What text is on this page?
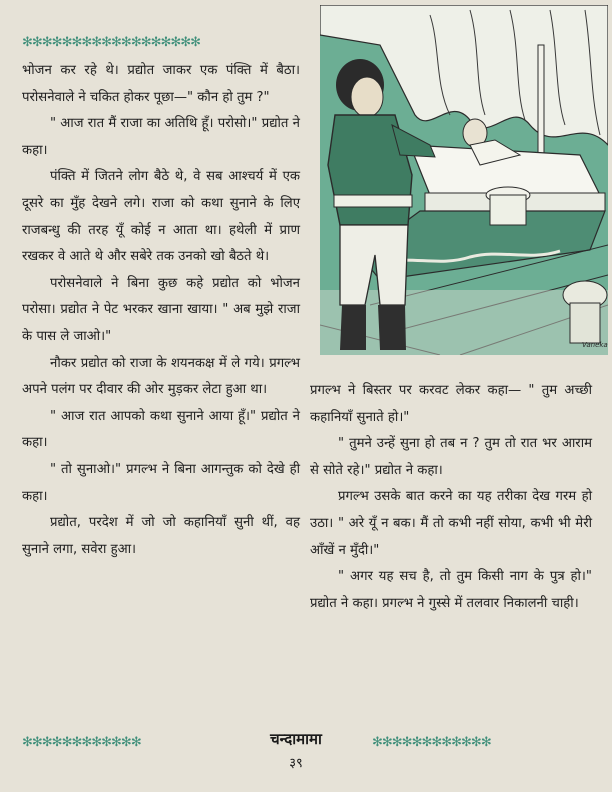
✻✻✻✻✻✻✻✻✻✻✻✻✻✻✻✻✻✻

भोजन कर रहे थे। प्रद्योत जाकर एक पंक्ति में बैठा। परोसनेवाले ने चकित होकर पूछा—" कौन हो तुम ?"

" आज रात मैं राजा का अतिथि हूँ। परोसो।" प्रद्योत ने कहा।

पंक्ति में जितने लोग बैठे थे, वे सब आश्चर्य में एक दूसरे का मुँह देखने लगे। राजा को कथा सुनाने के लिए राजबन्धु की तरह यूँ कोई न आता था। हथेली में प्राण रखकर वे आते थे और सबेरे तक उनको खो बैठते थे।

परोसनेवाले ने बिना कुछ कहे प्रद्योत को भोजन परोसा। प्रद्योत ने पेट भरकर खाना खाया। " अब मुझे राजा के पास ले जाओ।"

नौकर प्रद्योत को राजा के शयनकक्ष में ले गये। प्रगल्भ अपने पलंग पर दीवार की ओर मुड़कर लेटा हुआ था।

" आज रात आपको कथा सुनाने आया हूँ।" प्रद्योत ने कहा।

" तो सुनाओ।" प्रगल्भ ने बिना आगन्तुक को देखे ही कहा।

प्रद्योत, परदेश में जो जो कहानियाँ सुनी थीं, वह सुनाने लगा, सवेरा हुआ।

Vanekar

प्रगल्भ ने बिस्तर पर करवट लेकर कहा— " तुम अच्छी कहानियाँ सुनाते हो।"

" तुमने उन्हें सुना हो तब न ? तुम तो रात भर आराम से सोते रहे।" प्रद्योत ने कहा।

प्रगल्भ उसके बात करने का यह तरीका देख गरम हो उठा। " अरे यूँ न बक। मैं तो कभी नहीं सोया, कभी भी मेरी आँखें न मुँदी।"

" अगर यह सच है, तो तुम किसी नाग के पुत्र हो।" प्रद्योत ने कहा। प्रगल्भ ने गुस्से में तलवार निकालनी चाही।

✻✻✻✻✻✻✻✻✻✻✻✻	✻✻✻✻✻✻✻✻✻✻✻✻
चन्दामामा
३९
